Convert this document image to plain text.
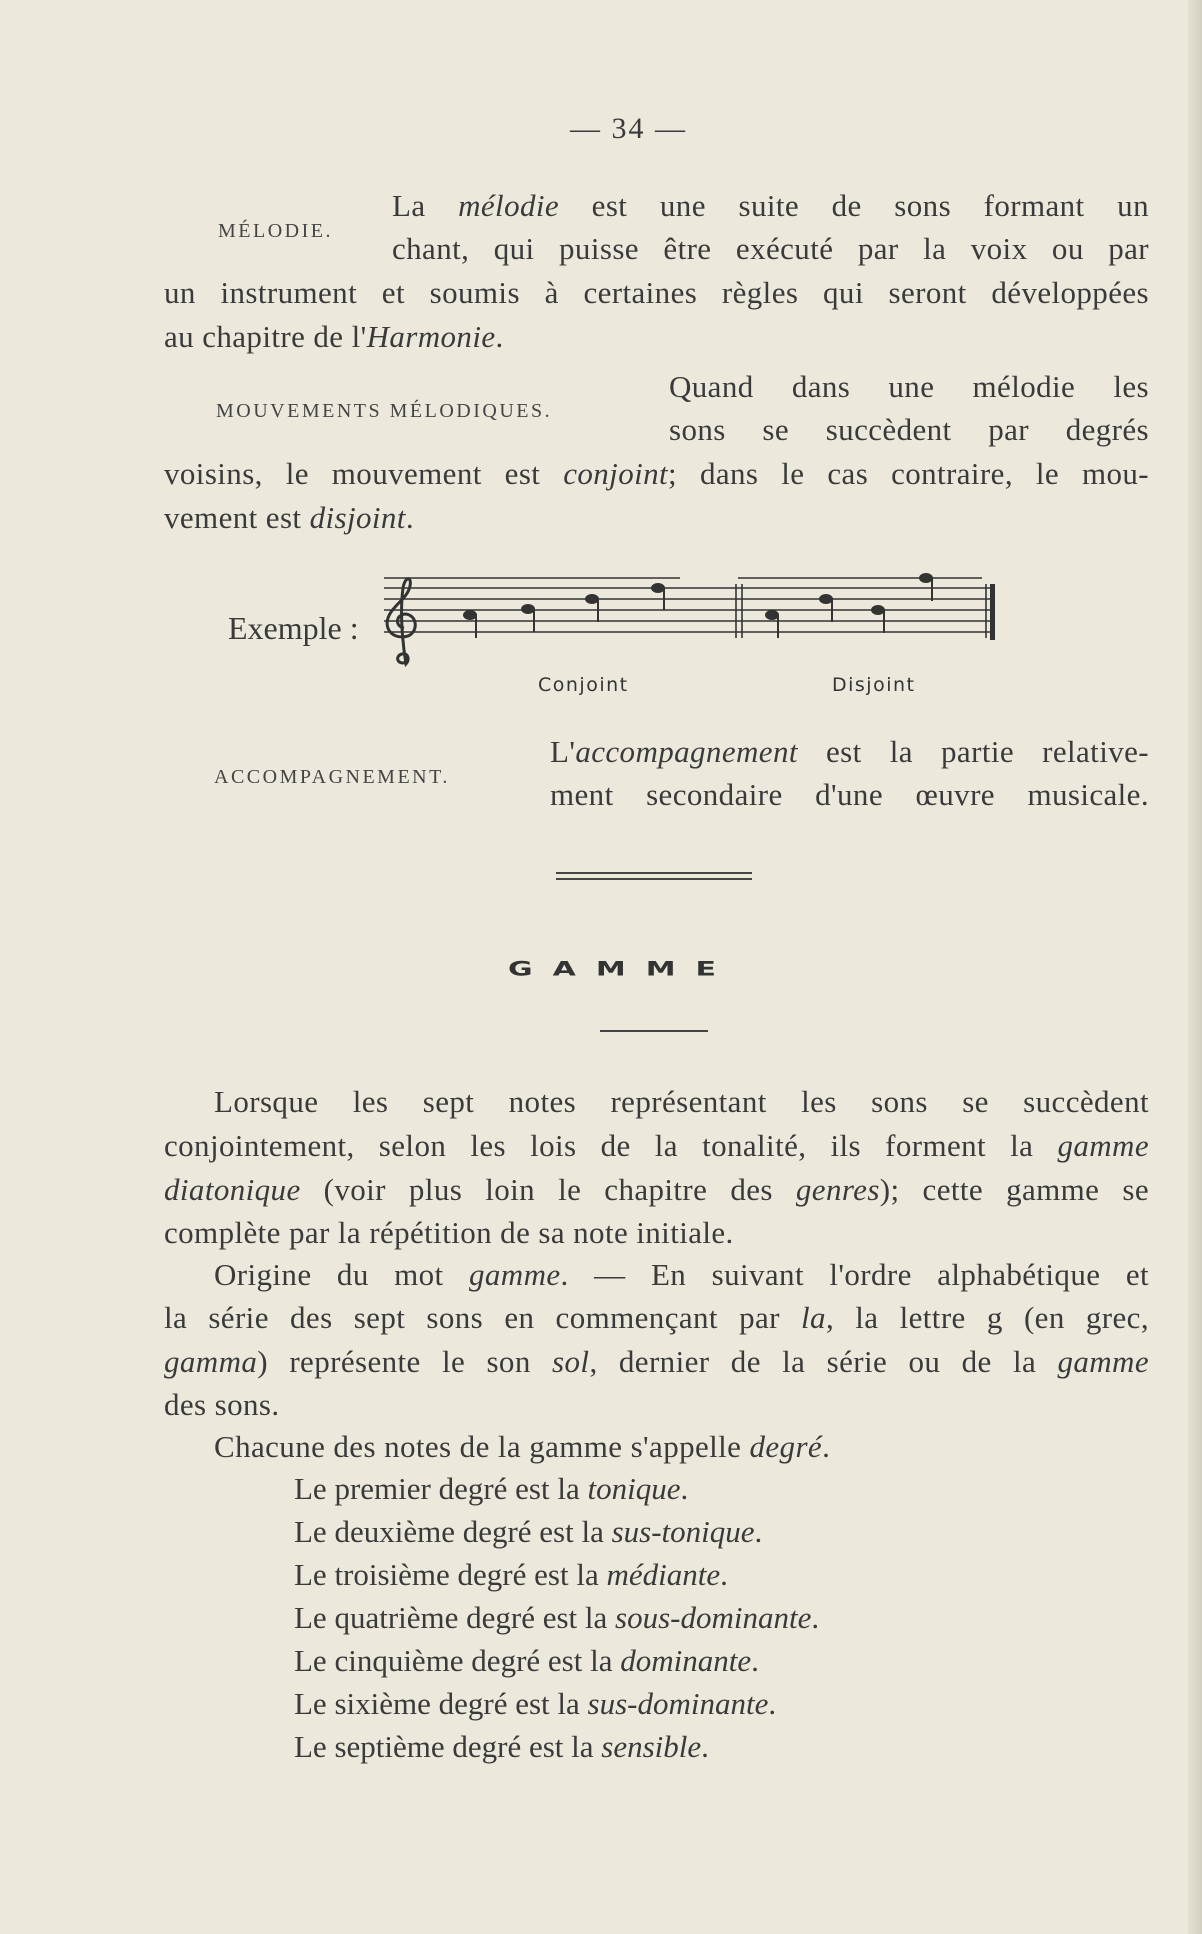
— 34 —
MÉLODIE.
La mélodie est une suite de sons formant un
chant, qui puisse être exécuté par la voix ou par
un instrument et soumis à certaines règles qui seront développées
au chapitre de l'Harmonie.
MOUVEMENTS MÉLODIQUES.
Quand dans une mélodie les
sons se succèdent par degrés
voisins, le mouvement est conjoint; dans le cas contraire, le mou-
vement est disjoint.
Exemple :
Conjoint	Disjoint
ACCOMPAGNEMENT.
L'accompagnement est la partie relative-
ment secondaire d'une œuvre musicale.
GAMME
Lorsque les sept notes représentant les sons se succèdent
conjointement, selon les lois de la tonalité, ils forment la gamme
diatonique (voir plus loin le chapitre des genres); cette gamme se
complète par la répétition de sa note initiale.
Origine du mot gamme. — En suivant l'ordre alphabétique et
la série des sept sons en commençant par la, la lettre g (en grec,
gamma) représente le son sol, dernier de la série ou de la gamme
des sons.
Chacune des notes de la gamme s'appelle degré.
Le premier degré est la tonique.
Le deuxième degré est la sus-tonique.
Le troisième degré est la médiante.
Le quatrième degré est la sous-dominante.
Le cinquième degré est la dominante.
Le sixième degré est la sus-dominante.
Le septième degré est la sensible.
